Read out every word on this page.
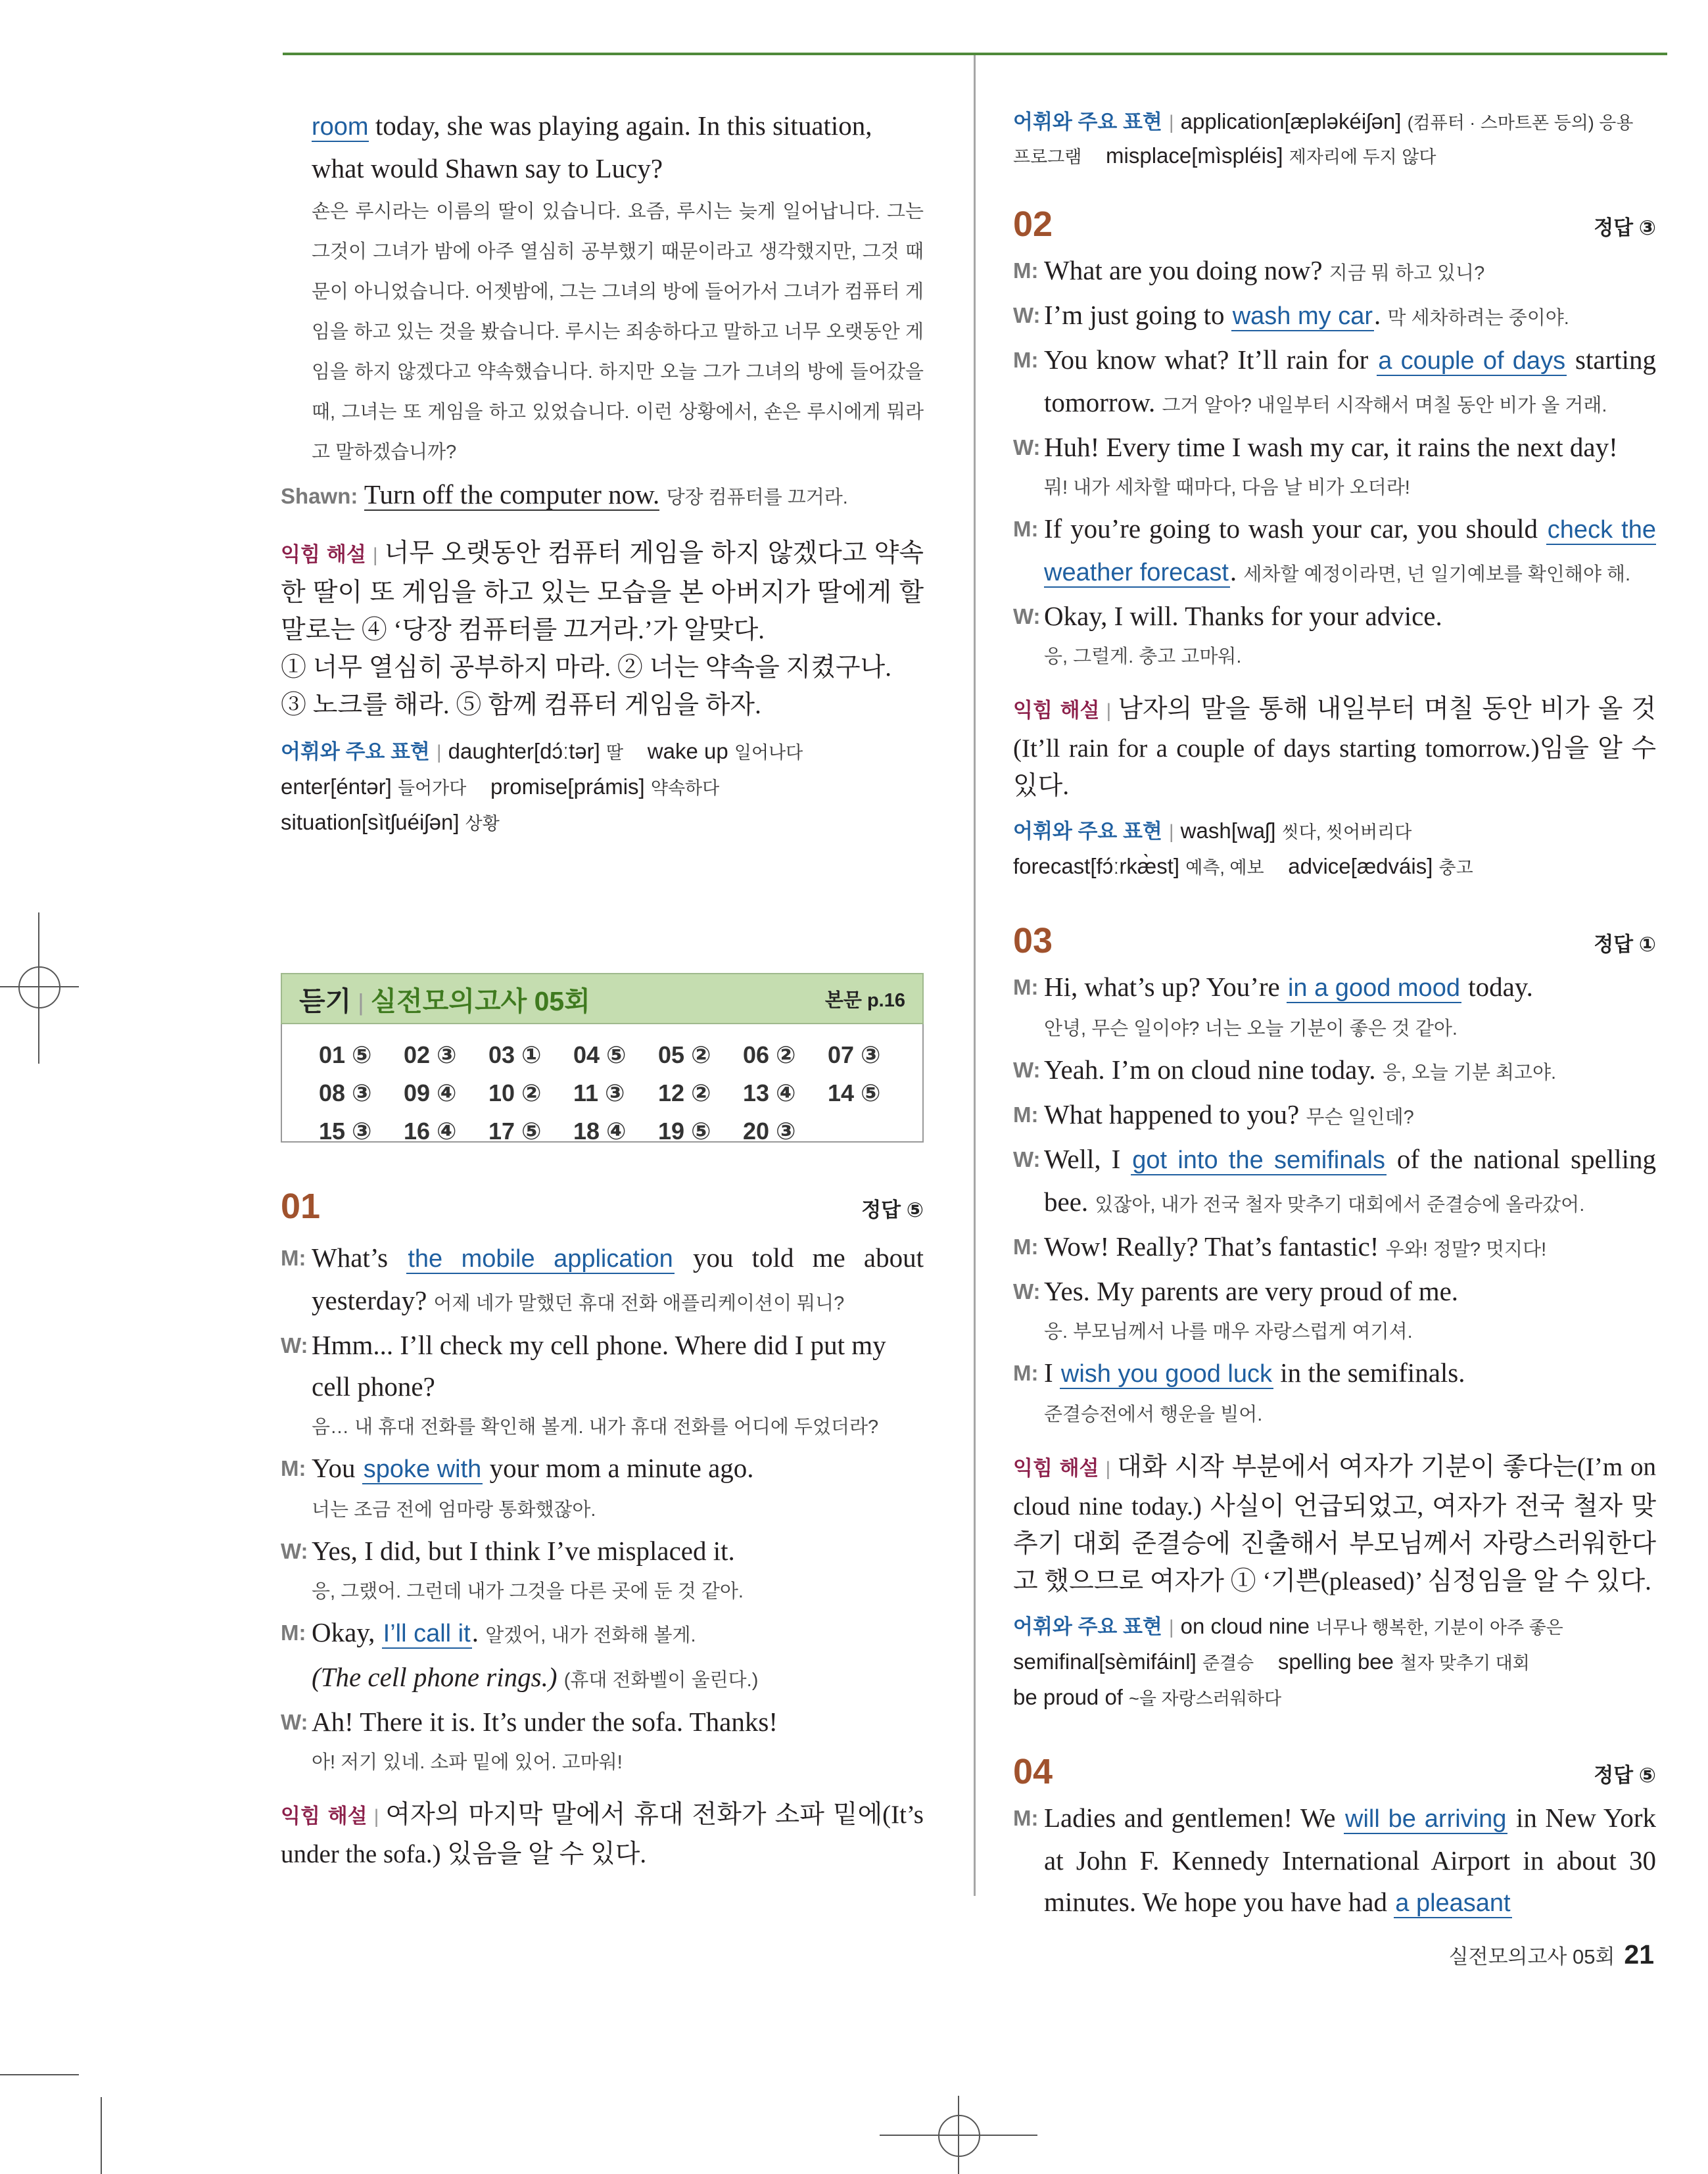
room today, she was playing again. In this situation, what would Shawn say to Lucy?

숀은 루시라는 이름의 딸이 있습니다. 요즘, 루시는 늦게 일어납니다. 그는 그것이 그녀가 밤에 아주 열심히 공부했기 때문이라고 생각했지만, 그것 때문이 아니었습니다. 어젯밤에, 그는 그녀의 방에 들어가서 그녀가 컴퓨터 게임을 하고 있는 것을 봤습니다. 루시는 죄송하다고 말하고 너무 오랫동안 게임을 하지 않겠다고 약속했습니다. 하지만 오늘 그가 그녀의 방에 들어갔을 때, 그녀는 또 게임을 하고 있었습니다. 이런 상황에서, 숀은 루시에게 뭐라고 말하겠습니까?

Shawn: Turn off the computer now. 당장 컴퓨터를 끄거라.

익힘 해설 | 너무 오랫동안 컴퓨터 게임을 하지 않겠다고 약속한 딸이 또 게임을 하고 있는 모습을 본 아버지가 딸에게 할 말로는 ④ ‘당장 컴퓨터를 끄거라.’가 알맞다.

① 너무 열심히 공부하지 마라. ② 너는 약속을 지켰구나.

③ 노크를 해라. ⑤ 함께 컴퓨터 게임을 하자.

어휘와 주요 표현 | daughter[dɔ́ːtər] 딸 wake up 일어나다
enter[éntər] 들어가다 promise[prámis] 약속하다
situation[sìtʃuéiʃən] 상황
듣기 | 실전모의고사 05회	본문 p.16
01 ⑤	02 ③	03 ①	04 ⑤	05 ②	06 ②	07 ③
08 ③	09 ④	10 ②	11 ③	12 ②	13 ④	14 ⑤
15 ③	16 ④	17 ⑤	18 ④	19 ⑤	20 ③
01	정답 ⑤
M: What’s the mobile application you told me about yesterday? 어제 네가 말했던 휴대 전화 애플리케이션이 뭐니?
W: Hmm... I’ll check my cell phone. Where did I put my cell phone?
음… 내 휴대 전화를 확인해 볼게. 내가 휴대 전화를 어디에 두었더라?
M: You spoke with your mom a minute ago.
너는 조금 전에 엄마랑 통화했잖아.
W: Yes, I did, but I think I’ve misplaced it.
응, 그랬어. 그런데 내가 그것을 다른 곳에 둔 것 같아.
M: Okay, I’ll call it. 알겠어, 내가 전화해 볼게.
(The cell phone rings.) (휴대 전화벨이 울린다.)
W: Ah! There it is. It’s under the sofa. Thanks!
아! 저기 있네. 소파 밑에 있어. 고마워!

익힘 해설 | 여자의 마지막 말에서 휴대 전화가 소파 밑에(It’s under the sofa.) 있음을 알 수 있다.

어휘와 주요 표현 | application[æpləkéiʃən] (컴퓨터 · 스마트폰 등의) 응용
프로그램 misplace[mìspléis] 제자리에 두지 않다
02	정답 ③
M: What are you doing now? 지금 뭐 하고 있니?
W: I’m just going to wash my car. 막 세차하려는 중이야.
M: You know what? It’ll rain for a couple of days starting tomorrow. 그거 알아? 내일부터 시작해서 며칠 동안 비가 올 거래.
W: Huh! Every time I wash my car, it rains the next day!
뭐! 내가 세차할 때마다, 다음 날 비가 오더라!
M: If you’re going to wash your car, you should check the weather forecast. 세차할 예정이라면, 넌 일기예보를 확인해야 해.
W: Okay, I will. Thanks for your advice.
응, 그럴게. 충고 고마워.

익힘 해설 | 남자의 말을 통해 내일부터 며칠 동안 비가 올 것(It’ll rain for a couple of days starting tomorrow.)임을 알 수 있다.

어휘와 주요 표현 | wash[waʃ] 씻다, 씻어버리다
forecast[fɔ́ːrkæ̀st] 예측, 예보 advice[ædváis] 충고
03	정답 ①
M: Hi, what’s up? You’re in a good mood today.
안녕, 무슨 일이야? 너는 오늘 기분이 좋은 것 같아.
W: Yeah. I’m on cloud nine today. 응, 오늘 기분 최고야.
M: What happened to you? 무슨 일인데?
W: Well, I got into the semifinals of the national spelling bee. 있잖아, 내가 전국 철자 맞추기 대회에서 준결승에 올라갔어.
M: Wow! Really? That’s fantastic! 우와! 정말? 멋지다!
W: Yes. My parents are very proud of me.
응. 부모님께서 나를 매우 자랑스럽게 여기셔.
M: I wish you good luck in the semifinals.
준결승전에서 행운을 빌어.

익힘 해설 | 대화 시작 부분에서 여자가 기분이 좋다는(I’m on cloud nine today.) 사실이 언급되었고, 여자가 전국 철자 맞추기 대회 준결승에 진출해서 부모님께서 자랑스러워한다고 했으므로 여자가 ① ‘기쁜(pleased)’ 심정임을 알 수 있다.

어휘와 주요 표현 | on cloud nine 너무나 행복한, 기분이 아주 좋은
semifinal[sèmifáinl] 준결승 spelling bee 철자 맞추기 대회
be proud of ~을 자랑스러워하다
04	정답 ⑤
M: Ladies and gentlemen! We will be arriving in New York at John F. Kennedy International Airport in about 30 minutes. We hope you have had a pleasant
실전모의고사 05회 21
